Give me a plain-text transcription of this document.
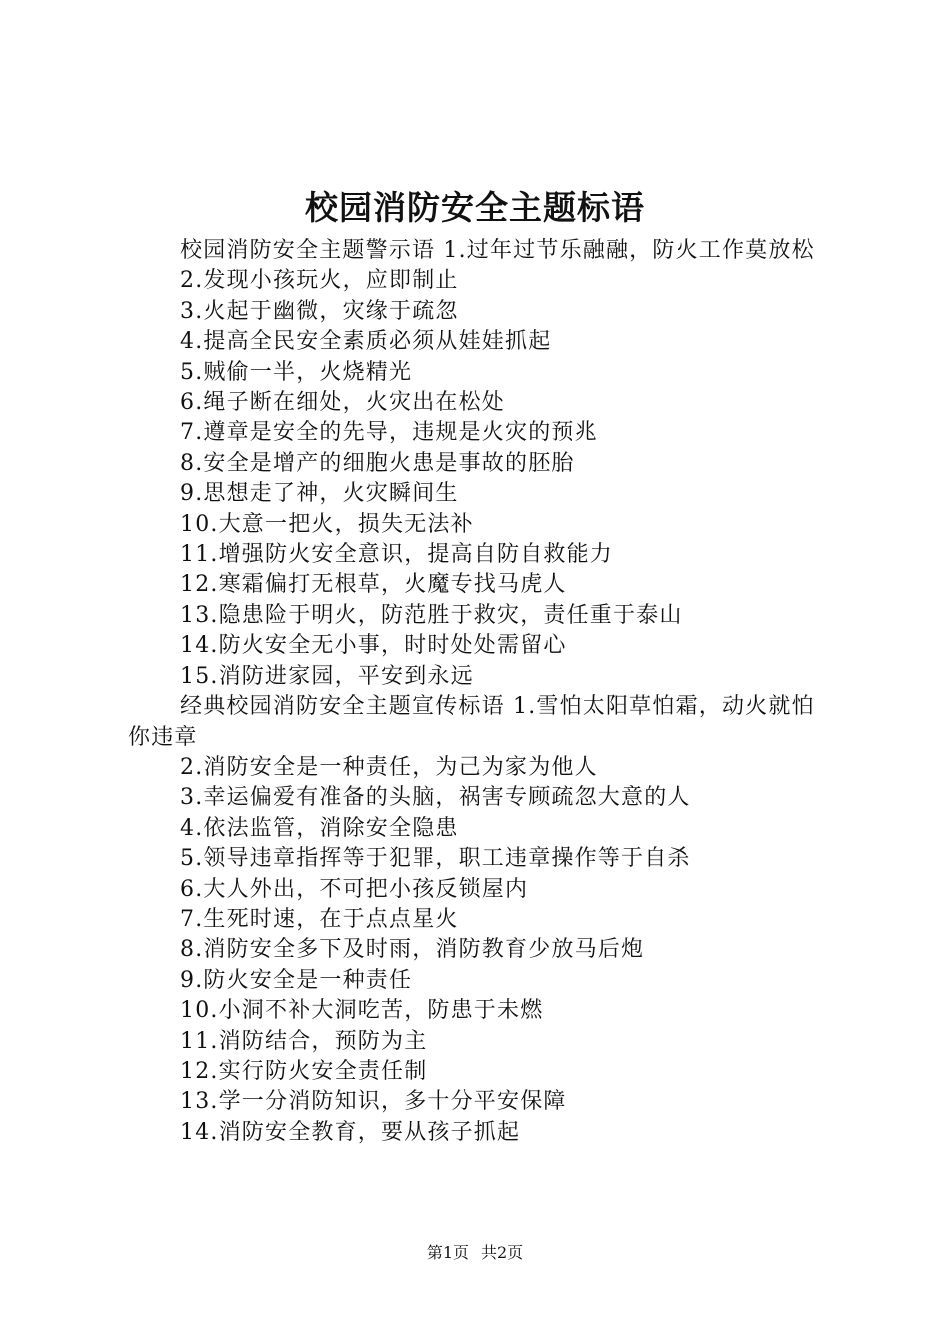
校园消防安全主题标语

校园消防安全主题警示语 1.过年过节乐融融，防火工作莫放松

2.发现小孩玩火，应即制止

3.火起于幽微，灾缘于疏忽

4.提高全民安全素质必须从娃娃抓起

5.贼偷一半，火烧精光

6.绳子断在细处，火灾出在松处

7.遵章是安全的先导，违规是火灾的预兆

8.安全是增产的细胞火患是事故的胚胎

9.思想走了神，火灾瞬间生

10.大意一把火，损失无法补

11.增强防火安全意识，提高自防自救能力

12.寒霜偏打无根草，火魔专找马虎人

13.隐患险于明火，防范胜于救灾，责任重于泰山

14.防火安全无小事，时时处处需留心

15.消防进家园，平安到永远

经典校园消防安全主题宣传标语 1.雪怕太阳草怕霜，动火就怕你违章

2.消防安全是一种责任，为己为家为他人

3.幸运偏爱有准备的头脑，祸害专顾疏忽大意的人

4.依法监管，消除安全隐患

5.领导违章指挥等于犯罪，职工违章操作等于自杀

6.大人外出，不可把小孩反锁屋内

7.生死时速，在于点点星火

8.消防安全多下及时雨，消防教育少放马后炮

9.防火安全是一种责任

10.小洞不补大洞吃苦，防患于未燃

11.消防结合，预防为主

12.实行防火安全责任制

13.学一分消防知识，多十分平安保障

14.消防安全教育，要从孩子抓起

第1页 共2页
